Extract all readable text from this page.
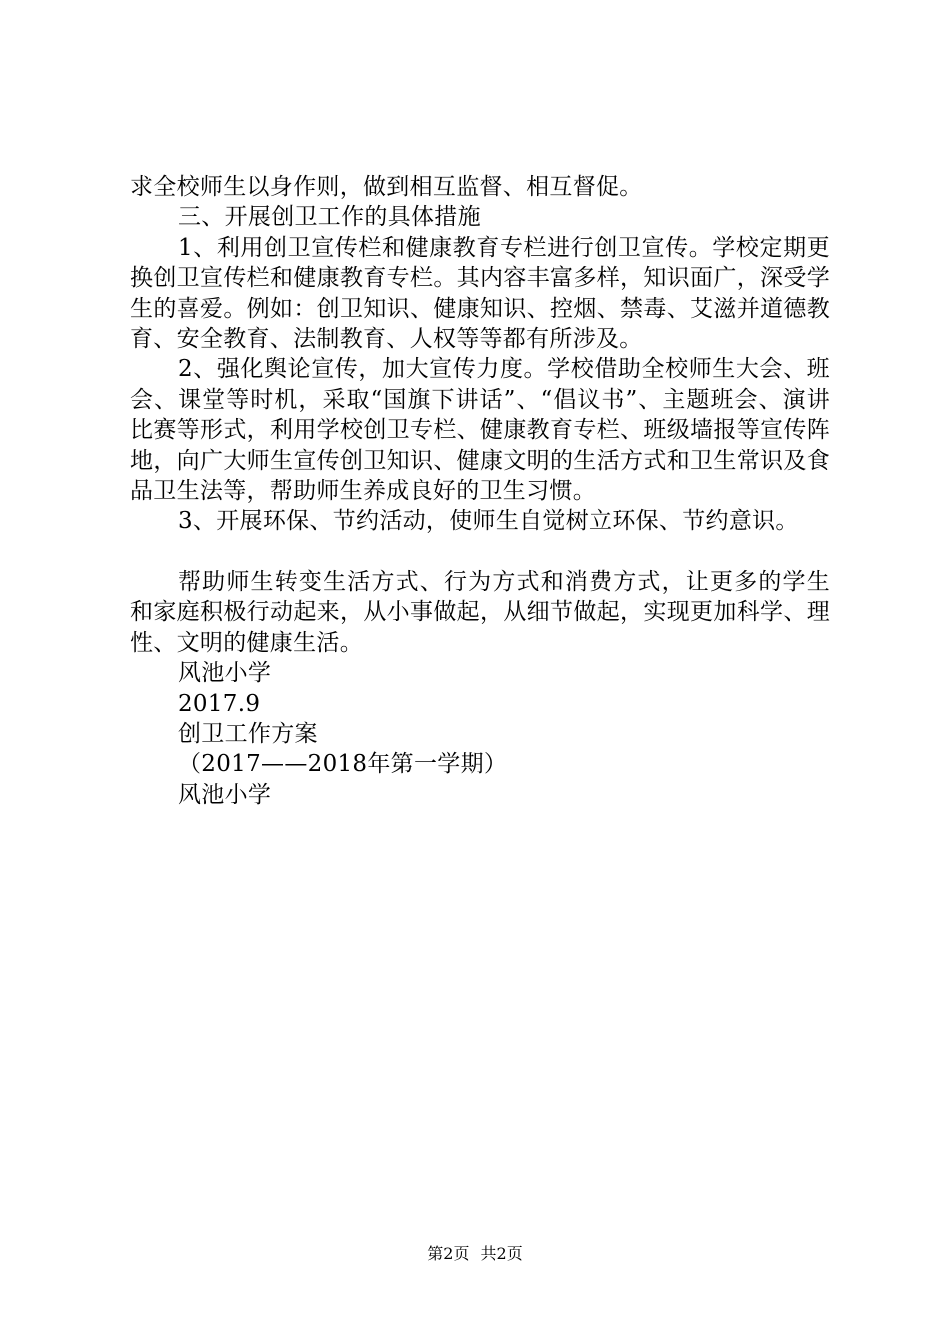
求全校师生以身作则，做到相互监督、相互督促。

三、开展创卫工作的具体措施

1、利用创卫宣传栏和健康教育专栏进行创卫宣传。学校定期更换创卫宣传栏和健康教育专栏。其内容丰富多样，知识面广，深受学生的喜爱。例如：创卫知识、健康知识、控烟、禁毒、艾滋并道德教育、安全教育、法制教育、人权等等都有所涉及。

2、强化舆论宣传，加大宣传力度。学校借助全校师生大会、班会、课堂等时机，采取“国旗下讲话”、“倡议书”、主题班会、演讲比赛等形式，利用学校创卫专栏、健康教育专栏、班级墙报等宣传阵地，向广大师生宣传创卫知识、健康文明的生活方式和卫生常识及食品卫生法等，帮助师生养成良好的卫生习惯。

3、开展环保、节约活动，使师生自觉树立环保、节约意识。

帮助师生转变生活方式、行为方式和消费方式，让更多的学生和家庭积极行动起来，从小事做起，从细节做起，实现更加科学、理性、文明的健康生活。

风池小学

2017.9

创卫工作方案

（2017——2018年第一学期）

风池小学

第2页 共2页
